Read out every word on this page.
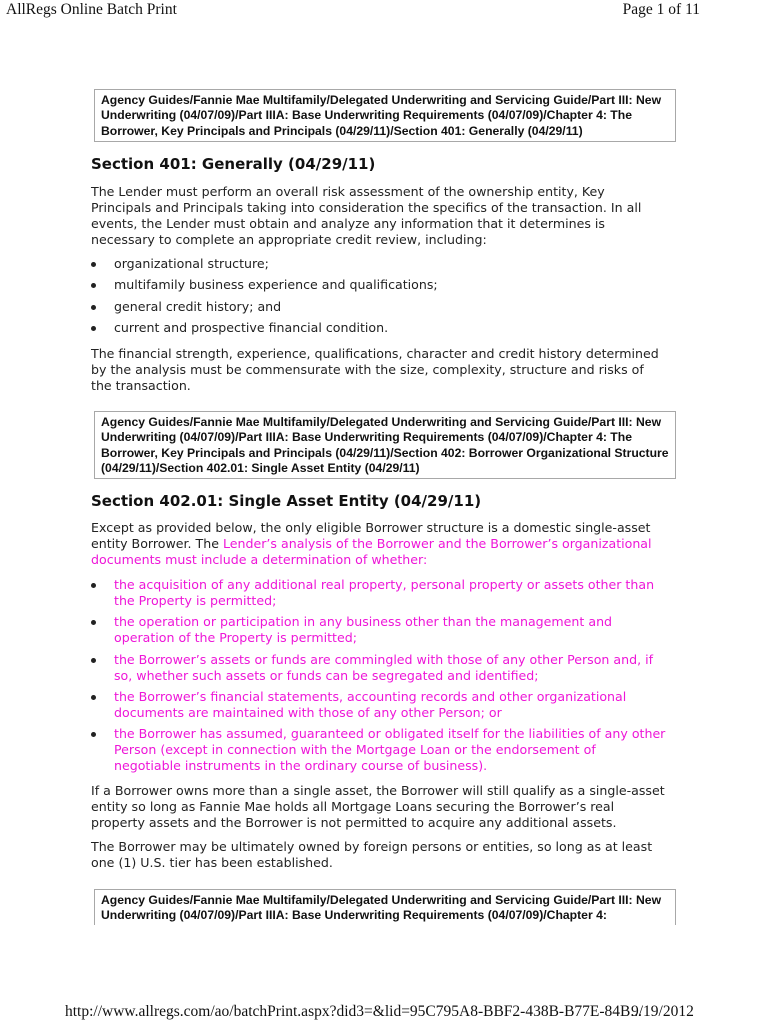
AllRegs Online Batch Print	Page 1 of 11
Agency Guides/Fannie Mae Multifamily/Delegated Underwriting and Servicing Guide/Part III: New Underwriting (04/07/09)/Part IIIA: Base Underwriting Requirements (04/07/09)/Chapter 4: The Borrower, Key Principals and Principals (04/29/11)/Section 401: Generally (04/29/11)
Section 401: Generally (04/29/11)

The Lender must perform an overall risk assessment of the ownership entity, Key Principals and Principals taking into consideration the specifics of the transaction. In all events, the Lender must obtain and analyze any information that it determines is necessary to complete an appropriate credit review, including:

organizational structure;
multifamily business experience and qualifications;
general credit history; and
current and prospective financial condition.

The financial strength, experience, qualifications, character and credit history determined by the analysis must be commensurate with the size, complexity, structure and risks of the transaction.

Agency Guides/Fannie Mae Multifamily/Delegated Underwriting and Servicing Guide/Part III: New Underwriting (04/07/09)/Part IIIA: Base Underwriting Requirements (04/07/09)/Chapter 4: The Borrower, Key Principals and Principals (04/29/11)/Section 402: Borrower Organizational Structure (04/29/11)/Section 402.01: Single Asset Entity (04/29/11)
Section 402.01: Single Asset Entity (04/29/11)

Except as provided below, the only eligible Borrower structure is a domestic single-asset entity Borrower. The Lender’s analysis of the Borrower and the Borrower’s organizational documents must include a determination of whether:

the acquisition of any additional real property, personal property or assets other than the Property is permitted;
the operation or participation in any business other than the management and operation of the Property is permitted;
the Borrower’s assets or funds are commingled with those of any other Person and, if so, whether such assets or funds can be segregated and identified;
the Borrower’s financial statements, accounting records and other organizational documents are maintained with those of any other Person; or
the Borrower has assumed, guaranteed or obligated itself for the liabilities of any other Person (except in connection with the Mortgage Loan or the endorsement of negotiable instruments in the ordinary course of business).

If a Borrower owns more than a single asset, the Borrower will still qualify as a single-asset entity so long as Fannie Mae holds all Mortgage Loans securing the Borrower’s real property assets and the Borrower is not permitted to acquire any additional assets.

The Borrower may be ultimately owned by foreign persons or entities, so long as at least one (1) U.S. tier has been established.

Agency Guides/Fannie Mae Multifamily/Delegated Underwriting and Servicing Guide/Part III: New Underwriting (04/07/09)/Part IIIA: Base Underwriting Requirements (04/07/09)/Chapter 4:
http://www.allregs.com/ao/batchPrint.aspx?did3=&lid=95C795A8-BBF2-438B-B77E-84B...
9/19/2012
